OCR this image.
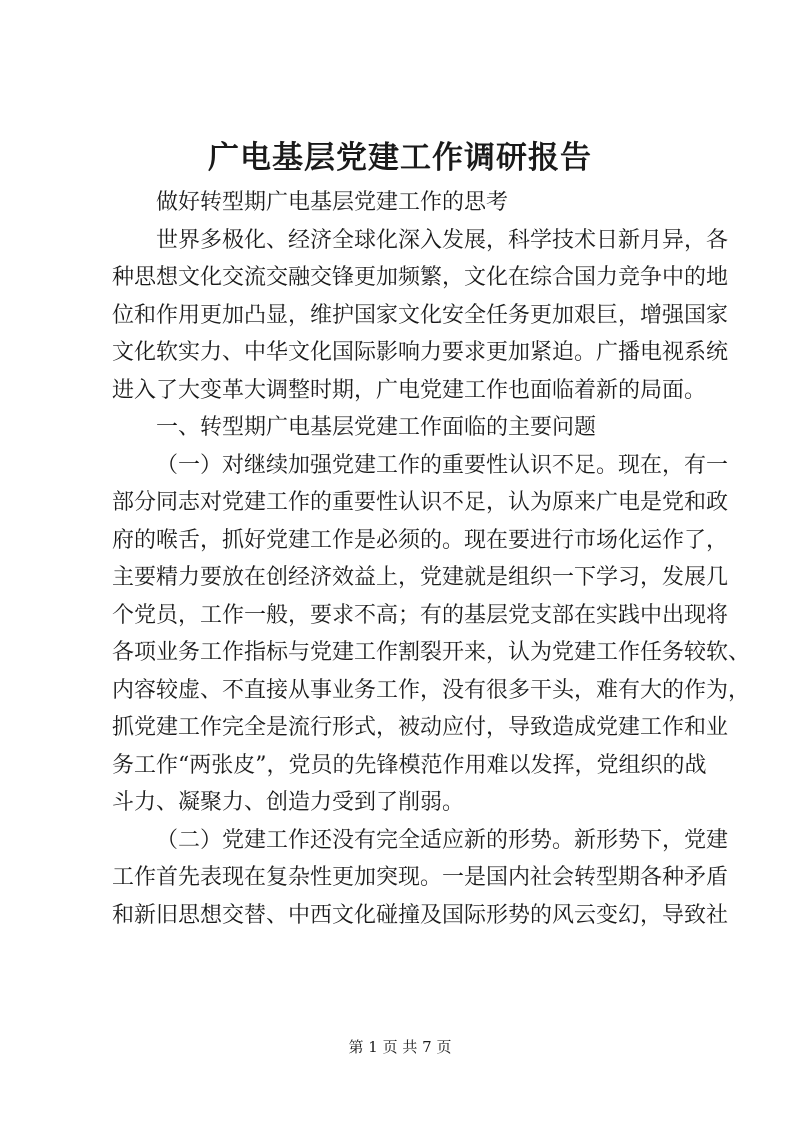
广电基层党建工作调研报告

做好转型期广电基层党建工作的思考

世界多极化、经济全球化深入发展，科学技术日新月异，各
种思想文化交流交融交锋更加频繁，文化在综合国力竞争中的地
位和作用更加凸显，维护国家文化安全任务更加艰巨，增强国家
文化软实力、中华文化国际影响力要求更加紧迫。广播电视系统
进入了大变革大调整时期，广电党建工作也面临着新的局面。

一、转型期广电基层党建工作面临的主要问题

（一）对继续加强党建工作的重要性认识不足。现在，有一
部分同志对党建工作的重要性认识不足，认为原来广电是党和政
府的喉舌，抓好党建工作是必须的。现在要进行市场化运作了，
主要精力要放在创经济效益上，党建就是组织一下学习，发展几
个党员，工作一般，要求不高；有的基层党支部在实践中出现将
各项业务工作指标与党建工作割裂开来，认为党建工作任务较软、
内容较虚、不直接从事业务工作，没有很多干头，难有大的作为，
抓党建工作完全是流行形式，被动应付，导致造成党建工作和业
务工作“两张皮”，党员的先锋模范作用难以发挥，党组织的战
斗力、凝聚力、创造力受到了削弱。

（二）党建工作还没有完全适应新的形势。新形势下，党建
工作首先表现在复杂性更加突现。一是国内社会转型期各种矛盾
和新旧思想交替、中西文化碰撞及国际形势的风云变幻，导致社

第 1 页 共 7 页
